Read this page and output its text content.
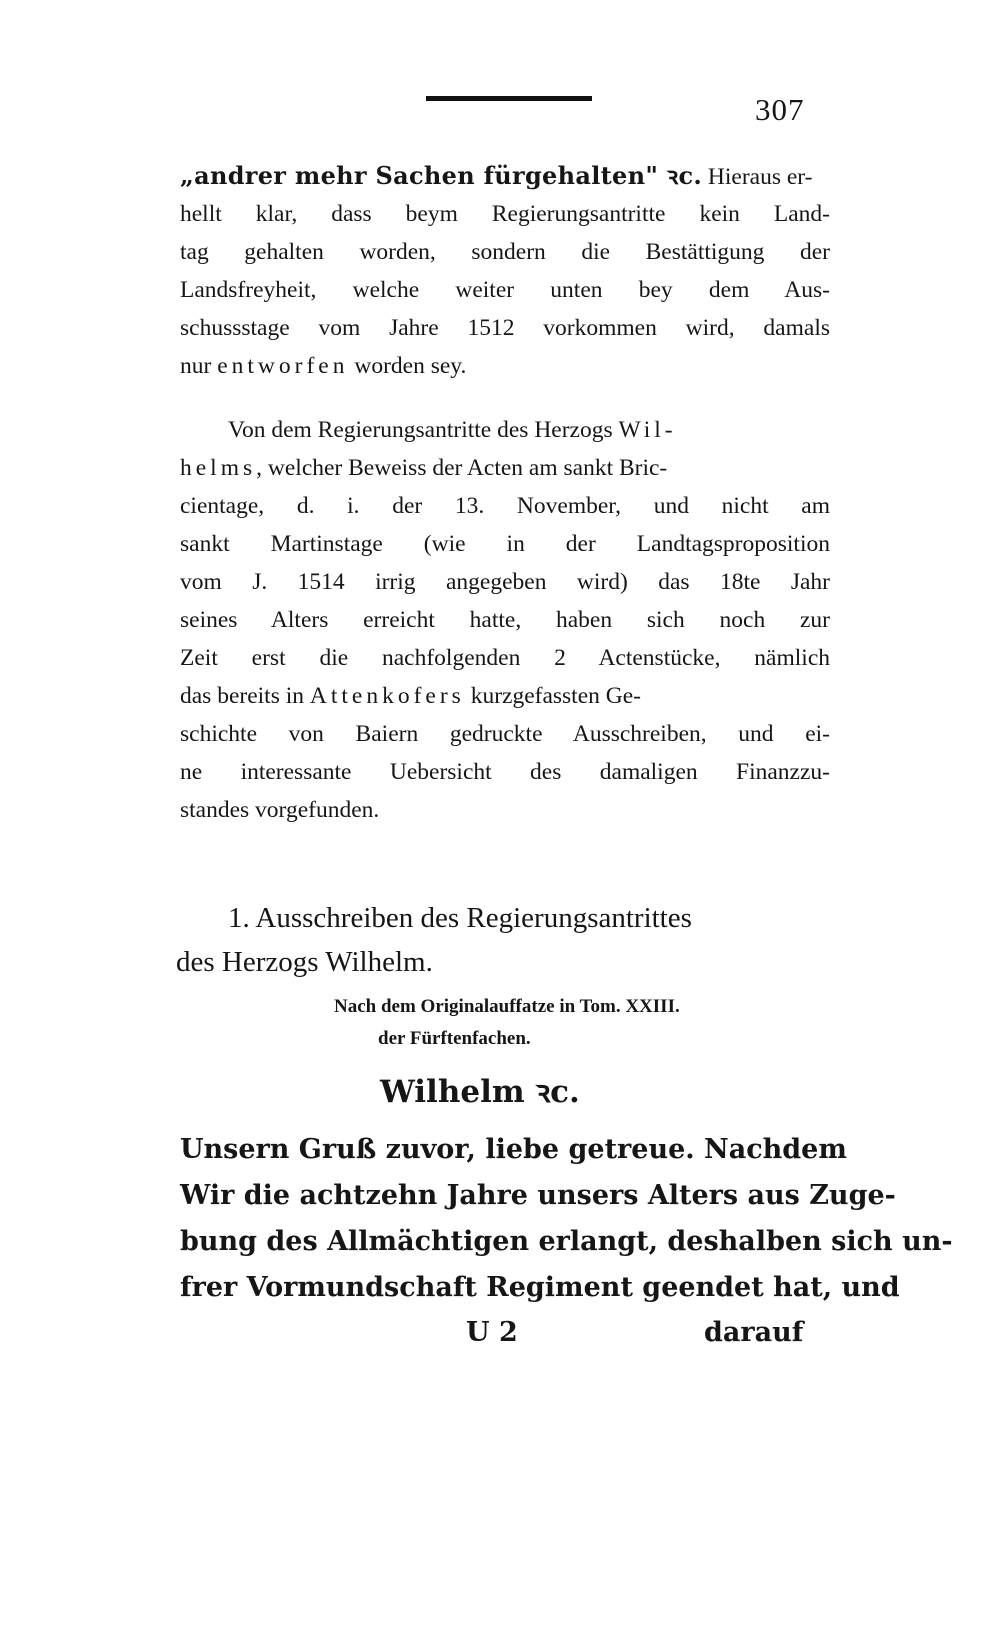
307
„andrer mehr Sachen fürgehalten" ꝛc. Hieraus er-
hellt klar, dass beym Regierungsantritte kein Land-
tag gehalten worden, sondern die Bestättigung der
Landsfreyheit, welche weiter unten bey dem Aus-
schussstage vom Jahre 1512 vorkommen wird, damals
nur entworfen worden sey.
Von dem Regierungsantritte des Herzogs Wil-
helms, welcher Beweiss der Acten am sankt Bric-
cientage, d. i. der 13. November, und nicht am
sankt Martinstage (wie in der Landtagsproposition
vom J. 1514 irrig angegeben wird) das 18te Jahr
seines Alters erreicht hatte, haben sich noch zur
Zeit erst die nachfolgenden 2 Actenstücke, nämlich
das bereits in Attenkofers kurzgefassten Ge-
schichte von Baiern gedruckte Ausschreiben, und ei-
ne interessante Uebersicht des damaligen Finanzzu-
standes vorgefunden.
1. Ausschreiben des Regierungsantrittes
des Herzogs Wilhelm.
Nach dem Originalauffatze in Tom. XXIII.
der Fürftenfachen.
Wilhelm ꝛc.
Unsern Gruß zuvor, liebe getreue. Nachdem
Wir die achtzehn Jahre unsers Alters aus Zuge-
bung des Allmächtigen erlangt, deshalben sich un-
frer Vormundschaft Regiment geendet hat, und
U 2	darauf
